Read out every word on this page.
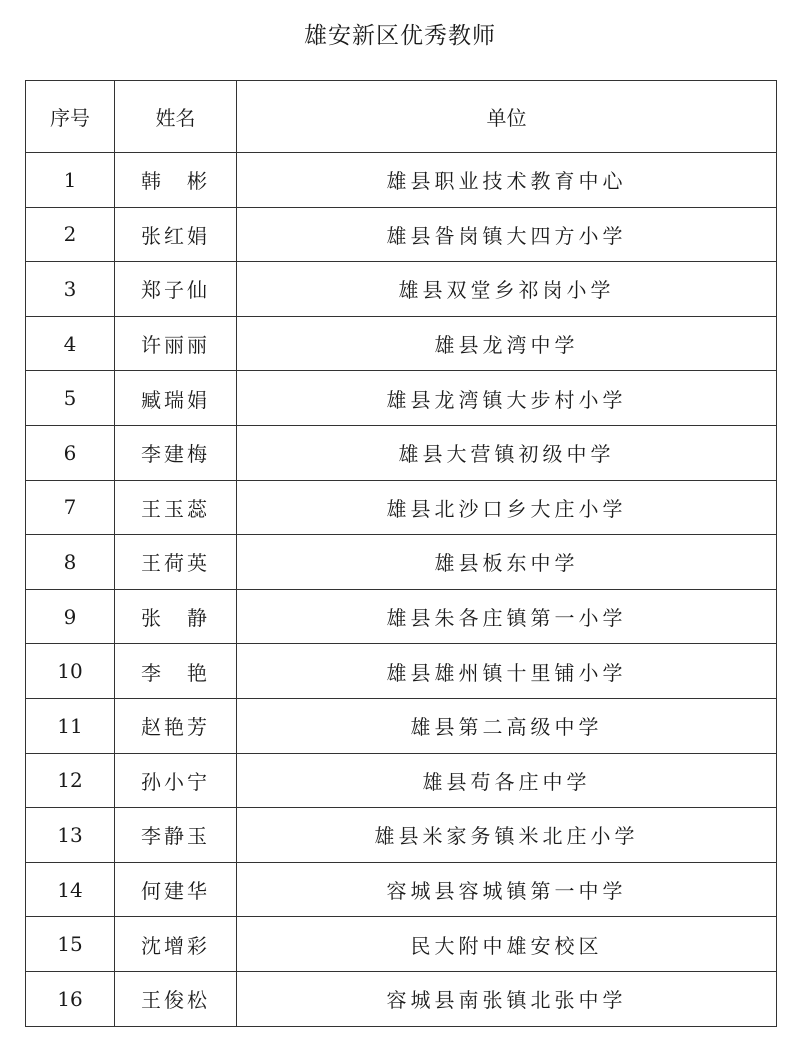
雄安新区优秀教师
序号	姓名	单位
1	韩　彬	雄县职业技术教育中心
2	张红娟	雄县昝岗镇大四方小学
3	郑子仙	雄县双堂乡祁岗小学
4	许丽丽	雄县龙湾中学
5	臧瑞娟	雄县龙湾镇大步村小学
6	李建梅	雄县大营镇初级中学
7	王玉蕊	雄县北沙口乡大庄小学
8	王荷英	雄县板东中学
9	张　静	雄县朱各庄镇第一小学
10	李　艳	雄县雄州镇十里铺小学
11	赵艳芳	雄县第二高级中学
12	孙小宁	雄县苟各庄中学
13	李静玉	雄县米家务镇米北庄小学
14	何建华	容城县容城镇第一中学
15	沈增彩	民大附中雄安校区
16	王俊松	容城县南张镇北张中学
